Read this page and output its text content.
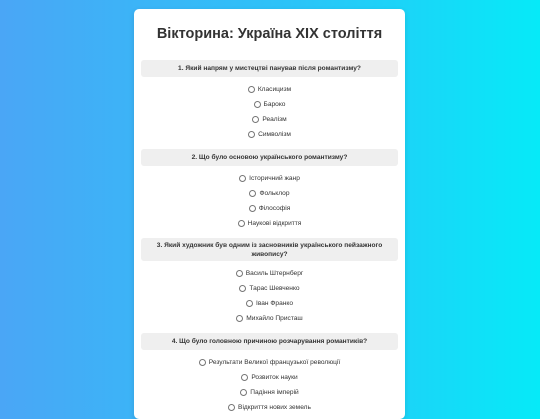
Вікторина: Україна XIX століття
1. Який напрям у мистецтві панував після романтизму?
Класицизм
Бароко
Реалізм
Символізм
2. Що було основою українського романтизму?
Історичний жанр
Фольклор
Філософія
Наукові відкриття
3. Який художник був одним із засновників українського пейзажного живопису?
Василь Штернберг
Тарас Шевченко
Іван Франко
Михайло Присташ
4. Що було головною причиною розчарування романтиків?
Результати Великої французької революції
Розвиток науки
Падіння імперій
Відкриття нових земель
